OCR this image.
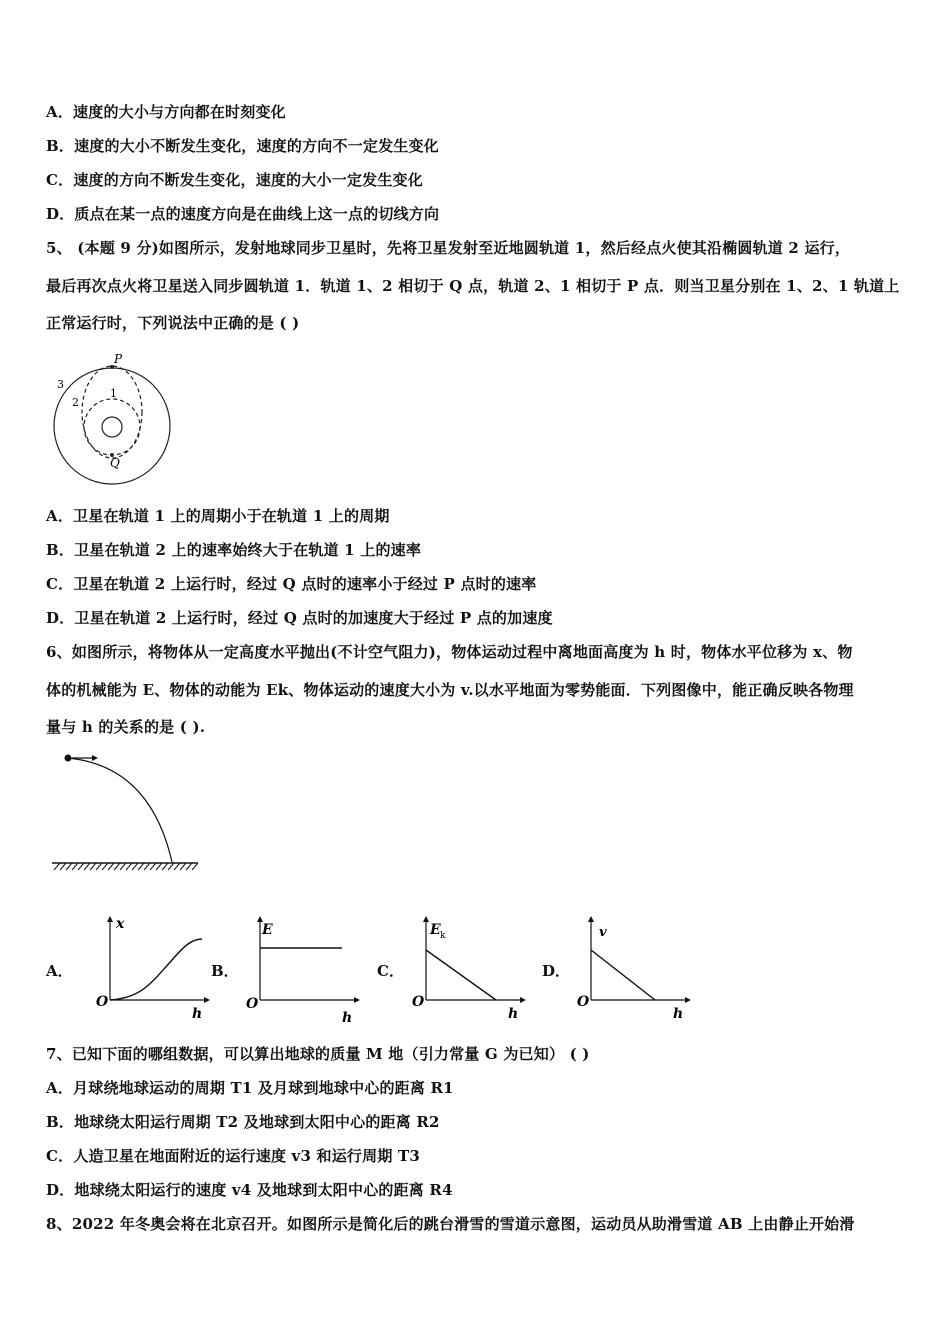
A．速度的大小与方向都在时刻变化
B．速度的大小不断发生变化，速度的方向不一定发生变化
C．速度的方向不断发生变化，速度的大小一定发生变化
D．质点在某一点的速度方向是在曲线上这一点的切线方向
5、 (本题 9 分)如图所示，发射地球同步卫星时，先将卫星发射至近地圆轨道 1，然后经点火使其沿椭圆轨道 2 运行，
最后再次点火将卫星送入同步圆轨道 1．轨道 1、2 相切于 Q 点，轨道 2、1 相切于 P 点．则当卫星分别在 1、2、1 轨道上
正常运行时，下列说法中正确的是 ( )
P
Q
1
2
3
A．卫星在轨道 1 上的周期小于在轨道 1 上的周期
B．卫星在轨道 2 上的速率始终大于在轨道 1 上的速率
C．卫星在轨道 2 上运行时，经过 Q 点时的速率小于经过 P 点时的速率
D．卫星在轨道 2 上运行时，经过 Q 点时的加速度大于经过 P 点的加速度
6、如图所示，将物体从一定高度水平抛出(不计空气阻力)，物体运动过程中离地面高度为 h 时，物体水平位移为 x、物
体的机械能为 E、物体的动能为 Ek、物体运动的速度大小为 v.以水平地面为零势能面．下列图像中，能正确反映各物理
量与 h 的关系的是 ( ).
A．	B．	C．	D．
x
O
h
E
O
h
E k
O
h
v
O
h
7、已知下面的哪组数据，可以算出地球的质量 M 地（引力常量 G 为已知） ( )
A．月球绕地球运动的周期 T1 及月球到地球中心的距离 R1
B．地球绕太阳运行周期 T2 及地球到太阳中心的距离 R2
C．人造卫星在地面附近的运行速度 v3 和运行周期 T3
D．地球绕太阳运行的速度 v4 及地球到太阳中心的距离 R4
8、2022 年冬奥会将在北京召开。如图所示是简化后的跳台滑雪的雪道示意图，运动员从助滑雪道 AB 上由静止开始滑
